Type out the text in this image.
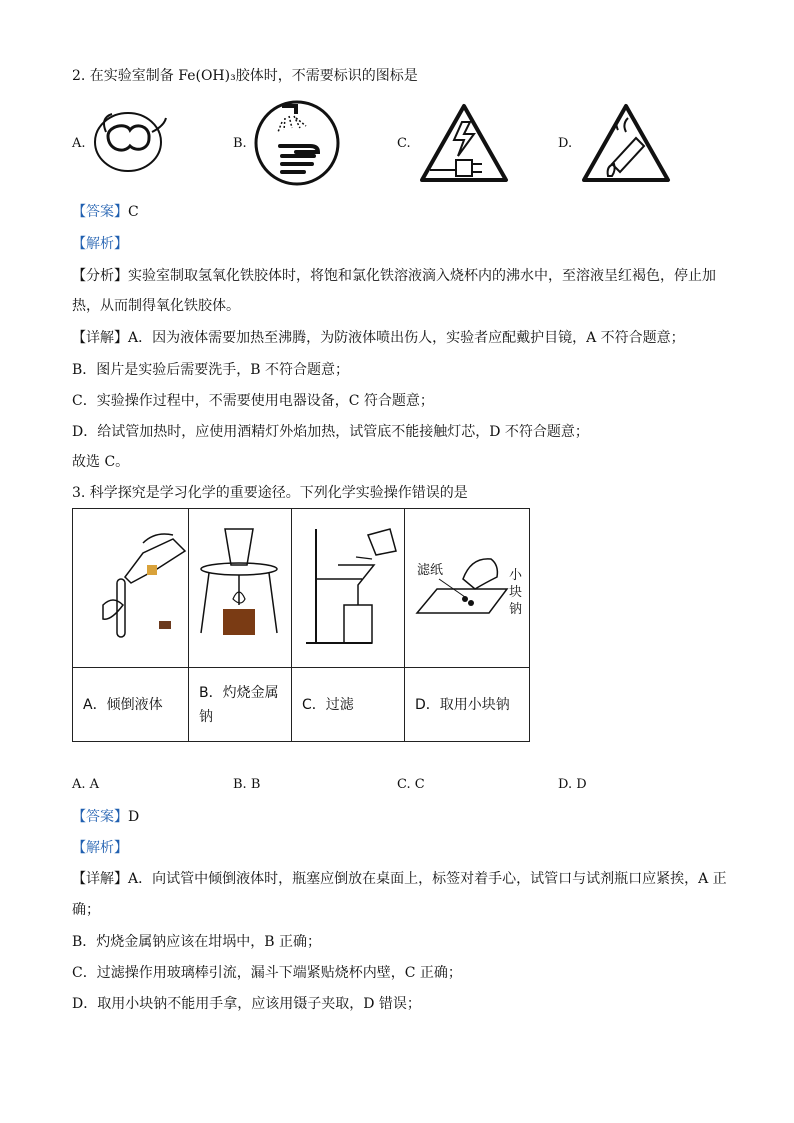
2. 在实验室制备 Fe(OH)₃胶体时，不需要标识的图标是
A.	B.	C.	D.
【答案】C
【解析】
【分析】实验室制取氢氧化铁胶体时，将饱和氯化铁溶液滴入烧杯内的沸水中，至溶液呈红褐色，停止加
热，从而制得氧化铁胶体。
【详解】A．因为液体需要加热至沸腾，为防液体喷出伤人，实验者应配戴护目镜，A 不符合题意；
B．图片是实验后需要洗手，B 不符合题意；
C．实验操作过程中，不需要使用电器设备，C 符合题意；
D．给试管加热时，应使用酒精灯外焰加热，试管底不能接触灯芯，D 不符合题意；
故选 C。
3. 科学探究是学习化学的重要途径。下列化学实验操作错误的是

滤纸 小块钠

A．倾倒液体	B．灼烧金属钠	C．过滤	D．取用小块钠
A. A	B. B	C. C	D. D
【答案】D
【解析】
【详解】A．向试管中倾倒液体时，瓶塞应倒放在桌面上，标签对着手心，试管口与试剂瓶口应紧挨，A 正
确；
B．灼烧金属钠应该在坩埚中，B 正确；
C．过滤操作用玻璃棒引流，漏斗下端紧贴烧杯内壁，C 正确；
D．取用小块钠不能用手拿，应该用镊子夹取，D 错误；
